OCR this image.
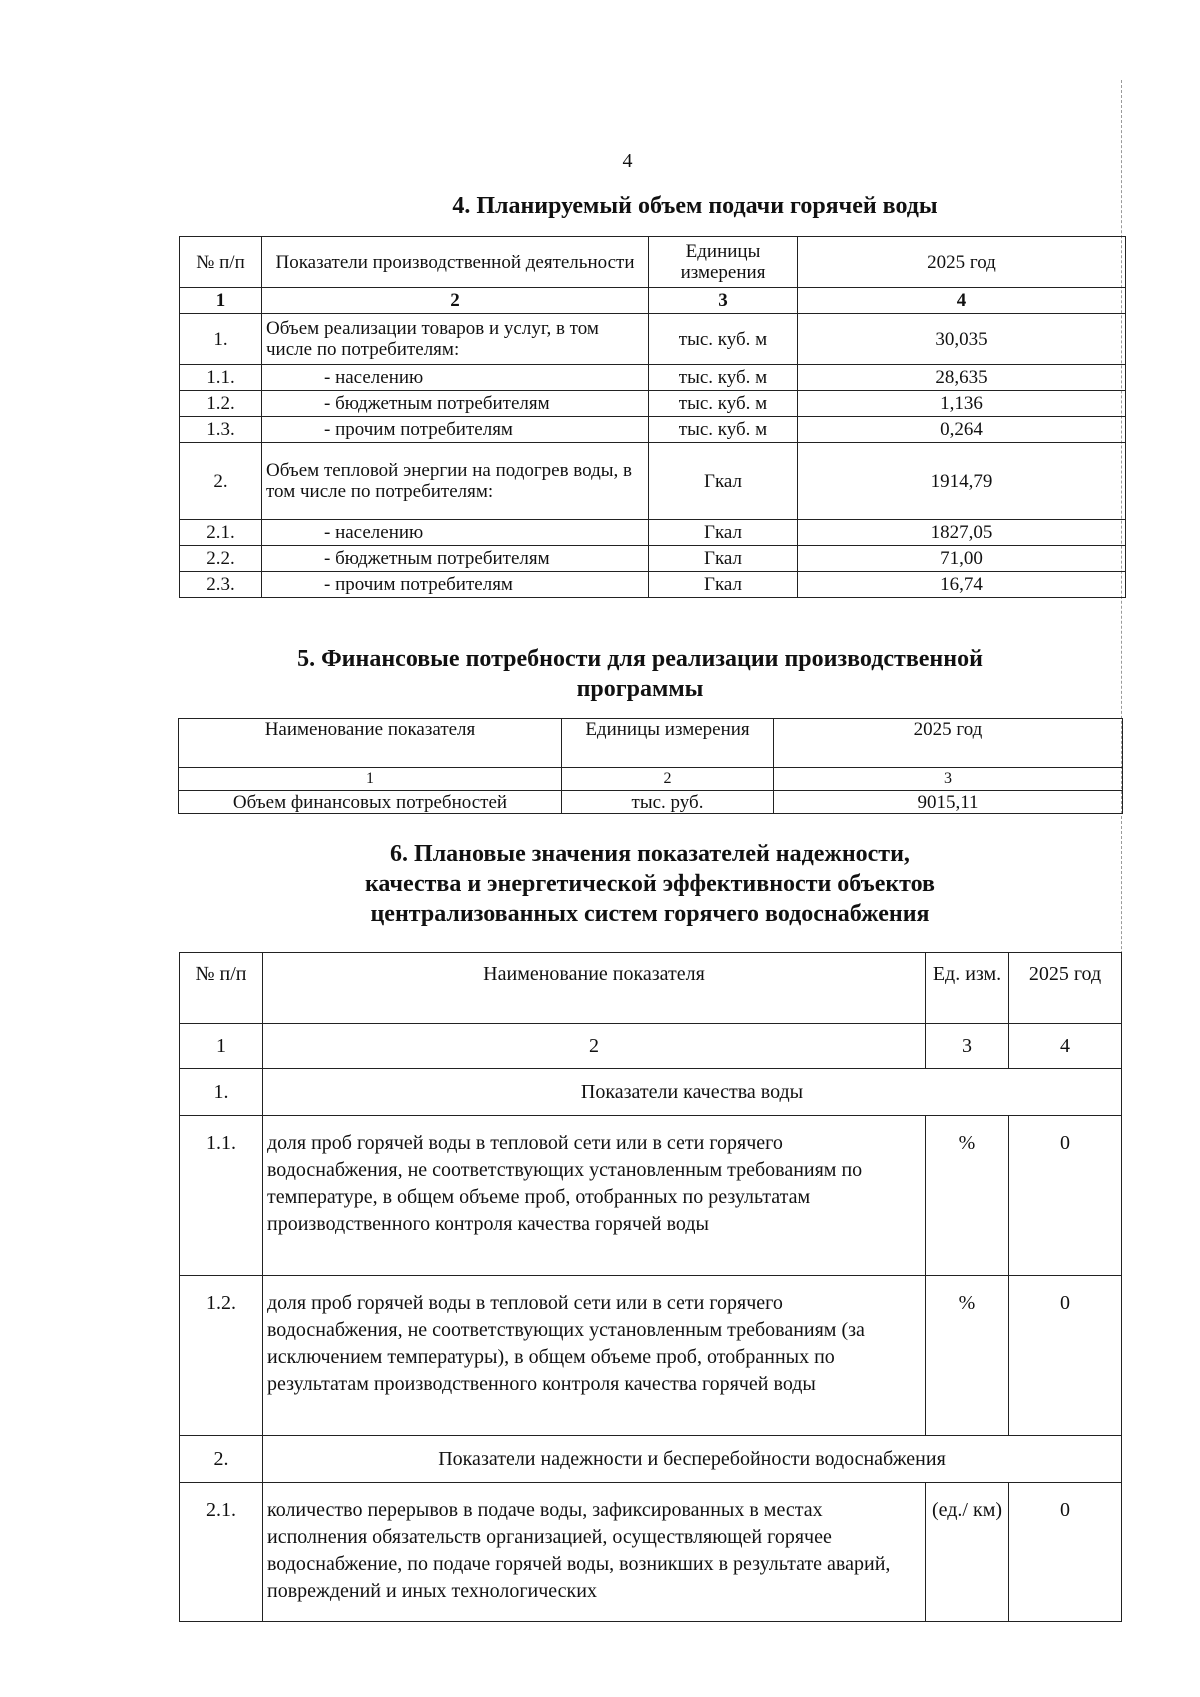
4
4. Планируемый объем подачи горячей воды
№ п/п	Показатели производственной деятельности	Единицы измерения	2025 год
1	2	3	4
1.	Объем реализации товаров и услуг, в том числе по потребителям:	тыс. куб. м	30,035
1.1.	- населению	тыс. куб. м	28,635
1.2.	- бюджетным потребителям	тыс. куб. м	1,136
1.3.	- прочим потребителям	тыс. куб. м	0,264
2.	Объем тепловой энергии на подогрев воды, в том числе по потребителям:	Гкал	1914,79
2.1.	- населению	Гкал	1827,05
2.2.	- бюджетным потребителям	Гкал	71,00
2.3.	- прочим потребителям	Гкал	16,74
5. Финансовые потребности для реализации производственной
программы
Наименование показателя	Единицы измерения	2025 год
1	2	3
Объем финансовых потребностей	тыс. руб.	9015,11
6. Плановые значения показателей надежности,
качества и энергетической эффективности объектов
централизованных систем горячего водоснабжения
№ п/п	Наименование показателя	Ед. изм.	2025 год
1	2	3	4
1.	Показатели качества воды		
1.1.	доля проб горячей воды в тепловой сети или в сети горячего водоснабжения, не соответствующих установленным требованиям по температуре, в общем объеме проб, отобранных по результатам производственного контроля качества горячей воды	%	0
1.2.	доля проб горячей воды в тепловой сети или в сети горячего водоснабжения, не соответствующих установленным требованиям (за исключением температуры), в общем объеме проб, отобранных по результатам производственного контроля качества горячей воды	%	0
2.	Показатели надежности и бесперебойности водоснабжения		
2.1.	количество перерывов в подаче воды, зафиксированных в местах исполнения обязательств организацией, осуществляющей горячее водоснабжение, по подаче горячей воды, возникших в результате аварий, повреждений и иных технологических	(ед./ км)	0
